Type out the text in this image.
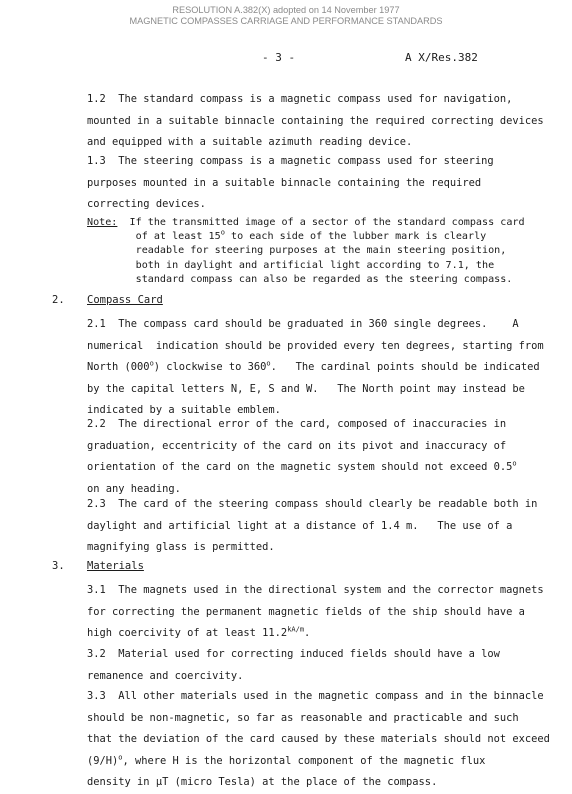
RESOLUTION A.382(X) adopted on 14 November 1977
MAGNETIC COMPASSES CARRIAGE AND PERFORMANCE STANDARDS
- 3 -	A X/Res.382
1.2  The standard compass is a magnetic compass used for navigation,
mounted in a suitable binnacle containing the required correcting devices
and equipped with a suitable azimuth reading device.
1.3  The steering compass is a magnetic compass used for steering
purposes mounted in a suitable binnacle containing the required
correcting devices.
Note:  If the transmitted image of a sector of the standard compass card
of at least 15$^o$ to each side of the lubber mark is clearly
readable for steering purposes at the main steering position,
both in daylight and artificial light according to 7.1, the
standard compass can also be regarded as the steering compass.
2. Compass Card
2.1  The compass card should be graduated in 360 single degrees.    A
numerical  indication should be provided every ten degrees, starting from
North (000$^o$) clockwise to 360$^o$.   The cardinal points should be indicated
by the capital letters N, E, S and W.   The North point may instead be
indicated by a suitable emblem.
2.2  The directional error of the card, composed of inaccuracies in
graduation, eccentricity of the card on its pivot and inaccuracy of
orientation of the card on the magnetic system should not exceed 0.5$^o$
on any heading.
2.3  The card of the steering compass should clearly be readable both in
daylight and artificial light at a distance of 1.4 m.   The use of a
magnifying glass is permitted.
3. Materials
3.1  The magnets used in the directional system and the corrector magnets
for correcting the permanent magnetic fields of the ship should have a
high coercivity of at least $11.2^{kA/m}$.
3.2  Material used for correcting induced fields should have a low
remanence and coercivity.
3.3  All other materials used in the magnetic compass and in the binnacle
should be non-magnetic, so far as reasonable and practicable and such
that the deviation of the card caused by these materials should not exceed
$(9/H)^o$, where H is the horizontal component of the magnetic flux
density in μT (micro Tesla) at the place of the compass.
